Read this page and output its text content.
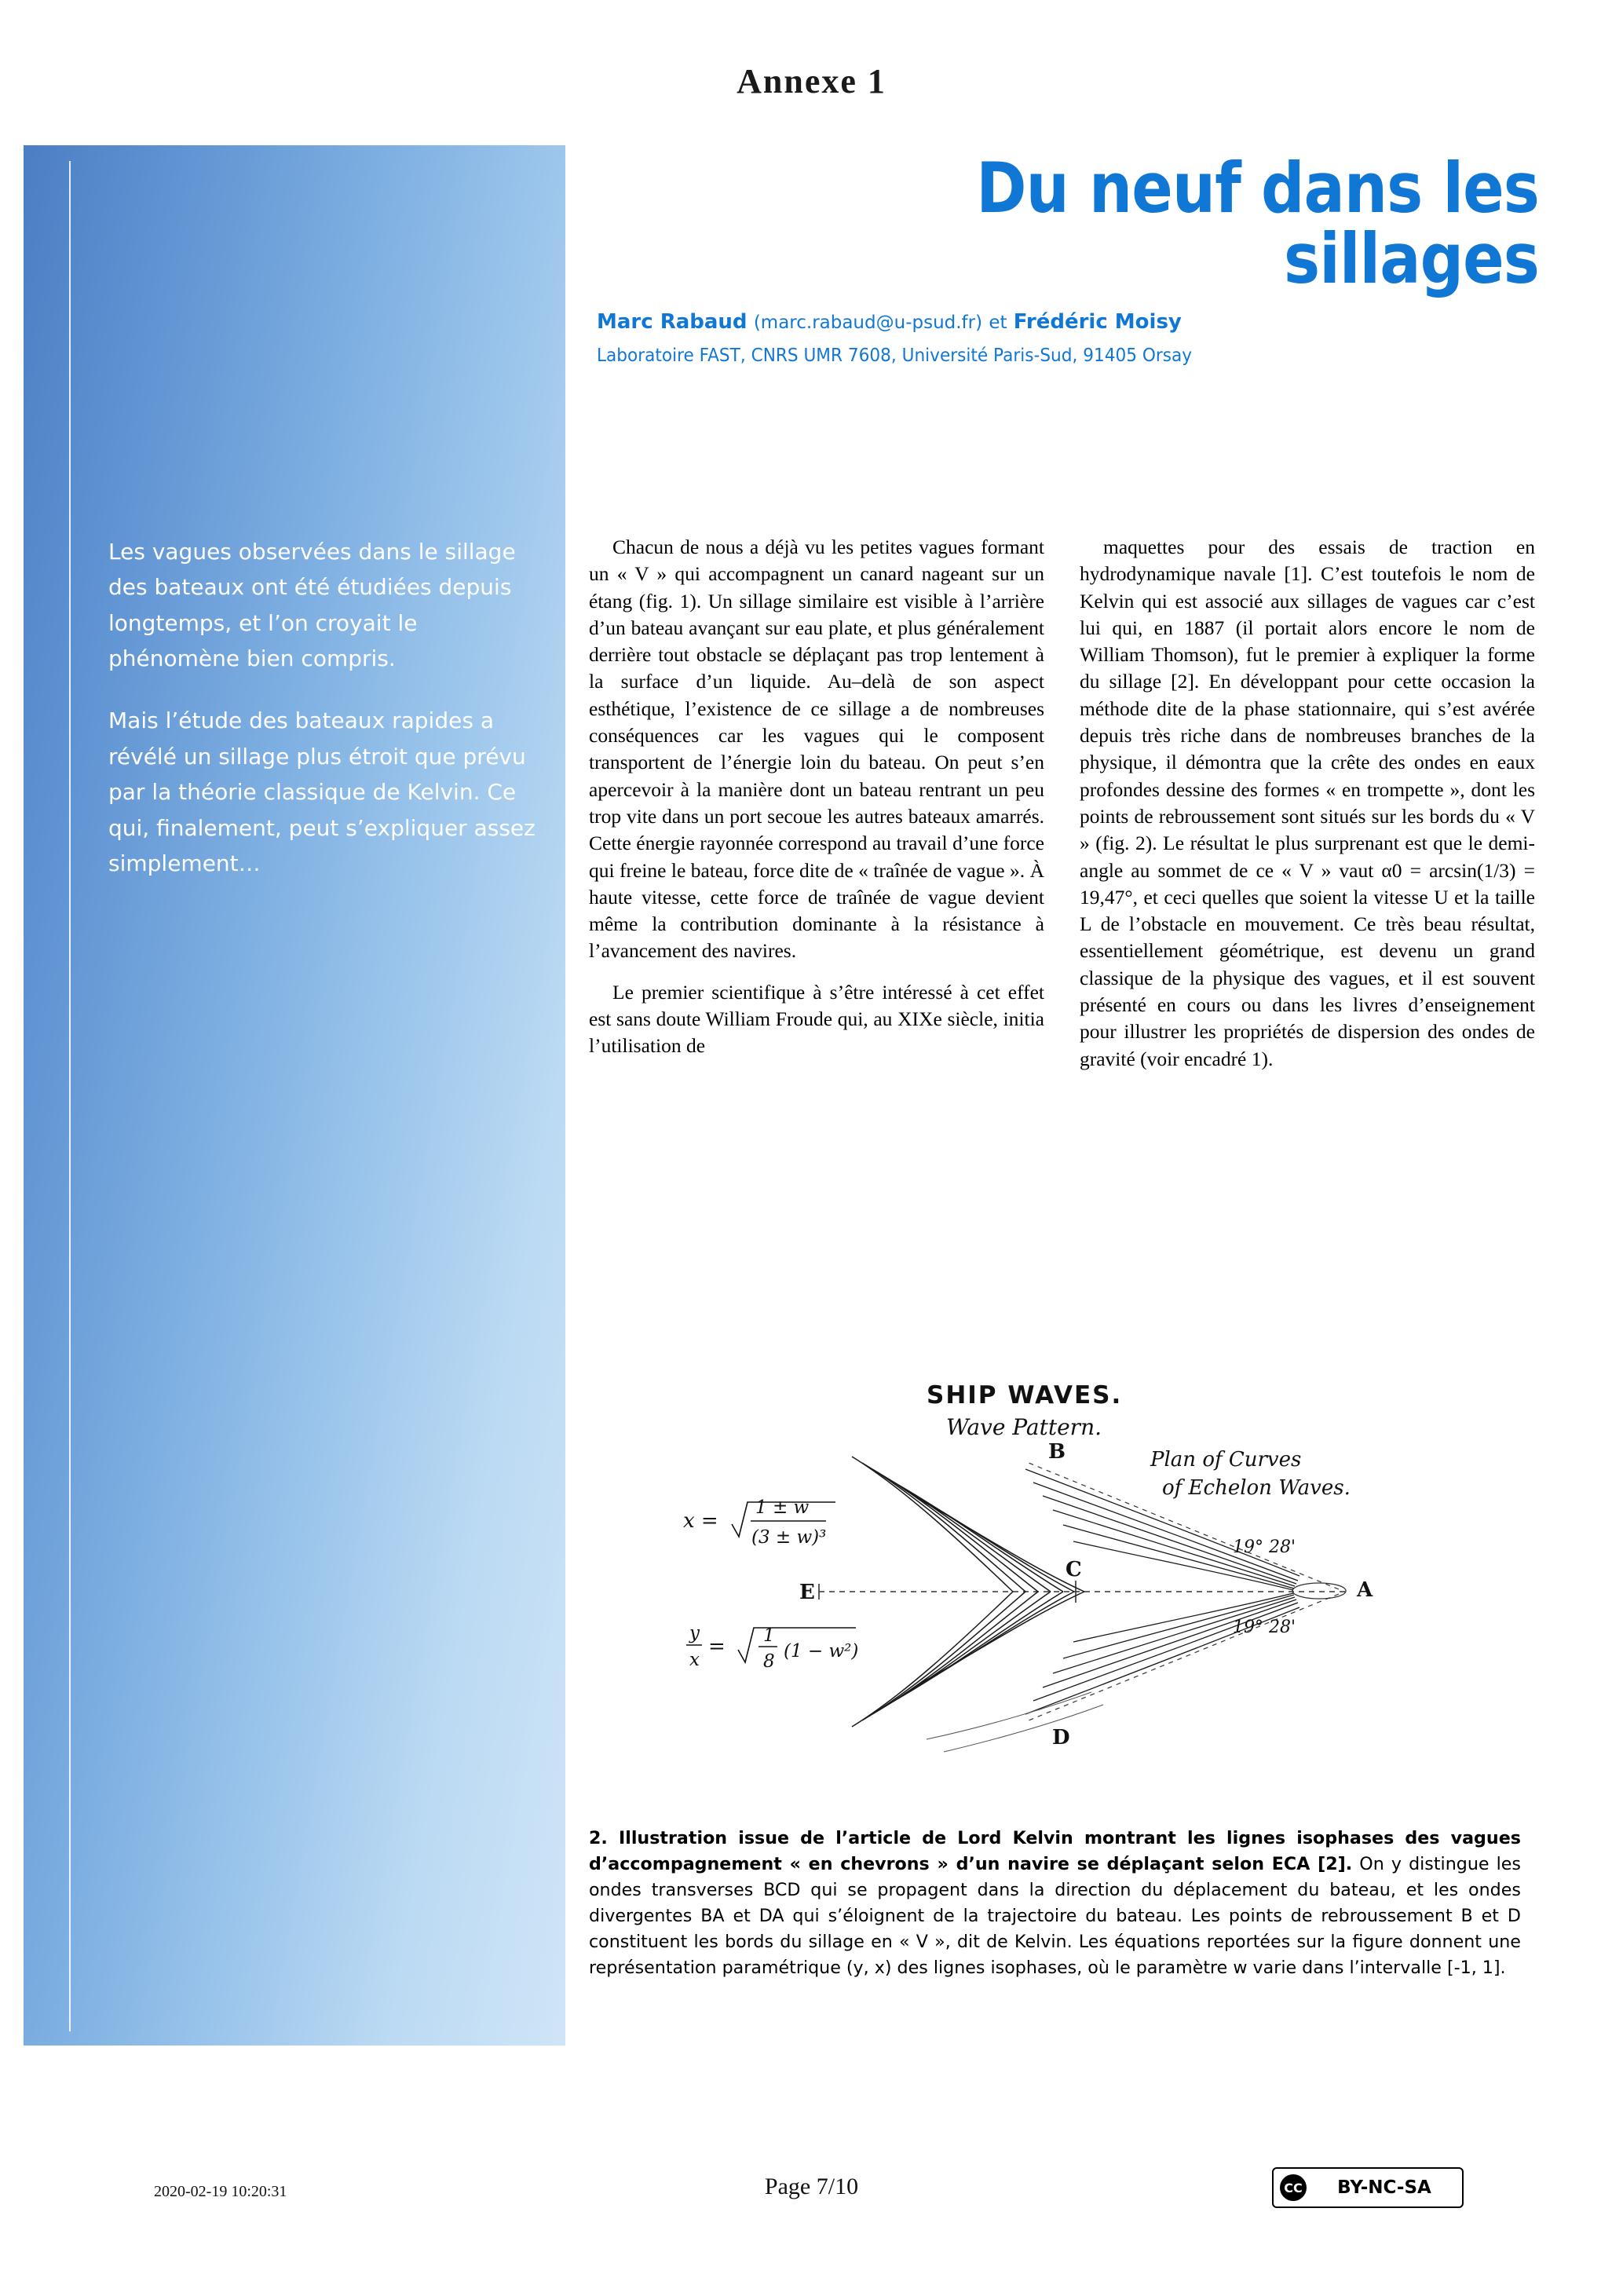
Annexe 1
Du neuf dans les sillages
Marc Rabaud (marc.rabaud@u-psud.fr) et Frédéric Moisy
Laboratoire FAST, CNRS UMR 7608, Université Paris-Sud, 91405 Orsay

Les vagues observées dans le sillage des bateaux ont été étudiées depuis longtemps, et l’on croyait le phénomène bien compris.

Mais l’étude des bateaux rapides a révélé un sillage plus étroit que prévu par la théorie classique de Kelvin. Ce qui, finalement, peut s’expliquer assez simplement…

Chacun de nous a déjà vu les petites vagues formant un « V » qui accompagnent un canard nageant sur un étang (fig. 1). Un sillage similaire est visible à l’arrière d’un bateau avançant sur eau plate, et plus généralement derrière tout obstacle se déplaçant pas trop lentement à la surface d’un liquide. Au–delà de son aspect esthétique, l’existence de ce sillage a de nombreuses conséquences car les vagues qui le composent transportent de l’énergie loin du bateau. On peut s’en apercevoir à la manière dont un bateau rentrant un peu trop vite dans un port secoue les autres bateaux amarrés. Cette énergie rayonnée correspond au travail d’une force qui freine le bateau, force dite de « traînée de vague ». À haute vitesse, cette force de traînée de vague devient même la contribution dominante à la résistance à l’avancement des navires.

Le premier scientifique à s’être intéressé à cet effet est sans doute William Froude qui, au XIXe siècle, initia l’utilisation de

maquettes pour des essais de traction en hydrodynamique navale [1]. C’est toutefois le nom de Kelvin qui est associé aux sillages de vagues car c’est lui qui, en 1887 (il portait alors encore le nom de William Thomson), fut le premier à expliquer la forme du sillage [2]. En développant pour cette occasion la méthode dite de la phase stationnaire, qui s’est avérée depuis très riche dans de nombreuses branches de la physique, il démontra que la crête des ondes en eaux profondes dessine des formes « en trompette », dont les points de rebroussement sont situés sur les bords du « V » (fig. 2). Le résultat le plus surprenant est que le demi-angle au sommet de ce « V » vaut α0 = arcsin(1/3) = 19,47°, et ceci quelles que soient la vitesse U et la taille L de l’obstacle en mouvement. Ce très beau résultat, essentiellement géométrique, est devenu un grand classique de la physique des vagues, et il est souvent présenté en cours ou dans les livres d’enseignement pour illustrer les propriétés de dispersion des ondes de gravité (voir encadré 1).

SHIP WAVES.
Wave Pattern.
Plan of Curves
of Echelon Waves.
E
C
A
B
D
19° 28'
19° 28'
x =
1 ± w
(3 ± w)³
y
x
= 1
8 (1 − w²)
2. Illustration issue de l’article de Lord Kelvin montrant les lignes isophases des vagues d’accompagnement « en chevrons » d’un navire se déplaçant selon ECA [2]. On y distingue les ondes transverses BCD qui se propagent dans la direction du déplacement du bateau, et les ondes divergentes BA et DA qui s’éloignent de la trajectoire du bateau. Les points de rebroussement B et D constituent les bords du sillage en « V », dit de Kelvin. Les équations reportées sur la figure donnent une représentation paramétrique (y, x) des lignes isophases, où le paramètre w varie dans l’intervalle [-1, 1].
2020-02-19 10:20:31	Page 7/10	CC	BY-NC-SA
